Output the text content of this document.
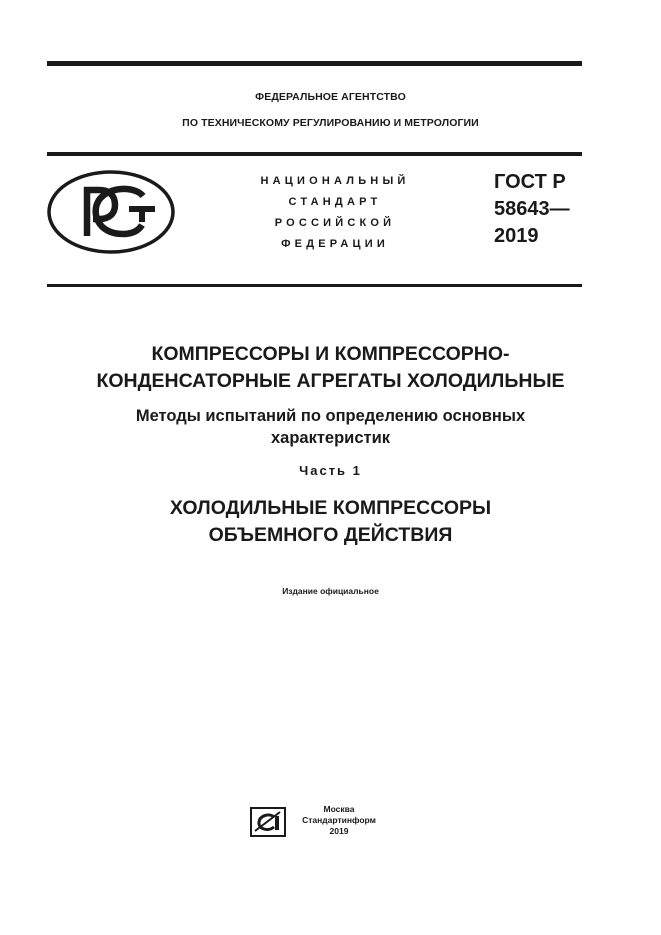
ФЕДЕРАЛЬНОЕ АГЕНТСТВО
ПО ТЕХНИЧЕСКОМУ РЕГУЛИРОВАНИЮ И МЕТРОЛОГИИ
НАЦИОНАЛЬНЫЙ
СТАНДАРТ
РОССИЙСКОЙ
ФЕДЕРАЦИИ
ГОСТ Р
58643—
2019
КОМПРЕССОРЫ И КОМПРЕССОРНО-
КОНДЕНСАТОРНЫЕ АГРЕГАТЫ ХОЛОДИЛЬНЫЕ
Методы испытаний по определению основных
характеристик
Часть 1
ХОЛОДИЛЬНЫЕ КОМПРЕССОРЫ
ОБЪЕМНОГО ДЕЙСТВИЯ
Издание официальное
Москва
Стандартинформ
2019
